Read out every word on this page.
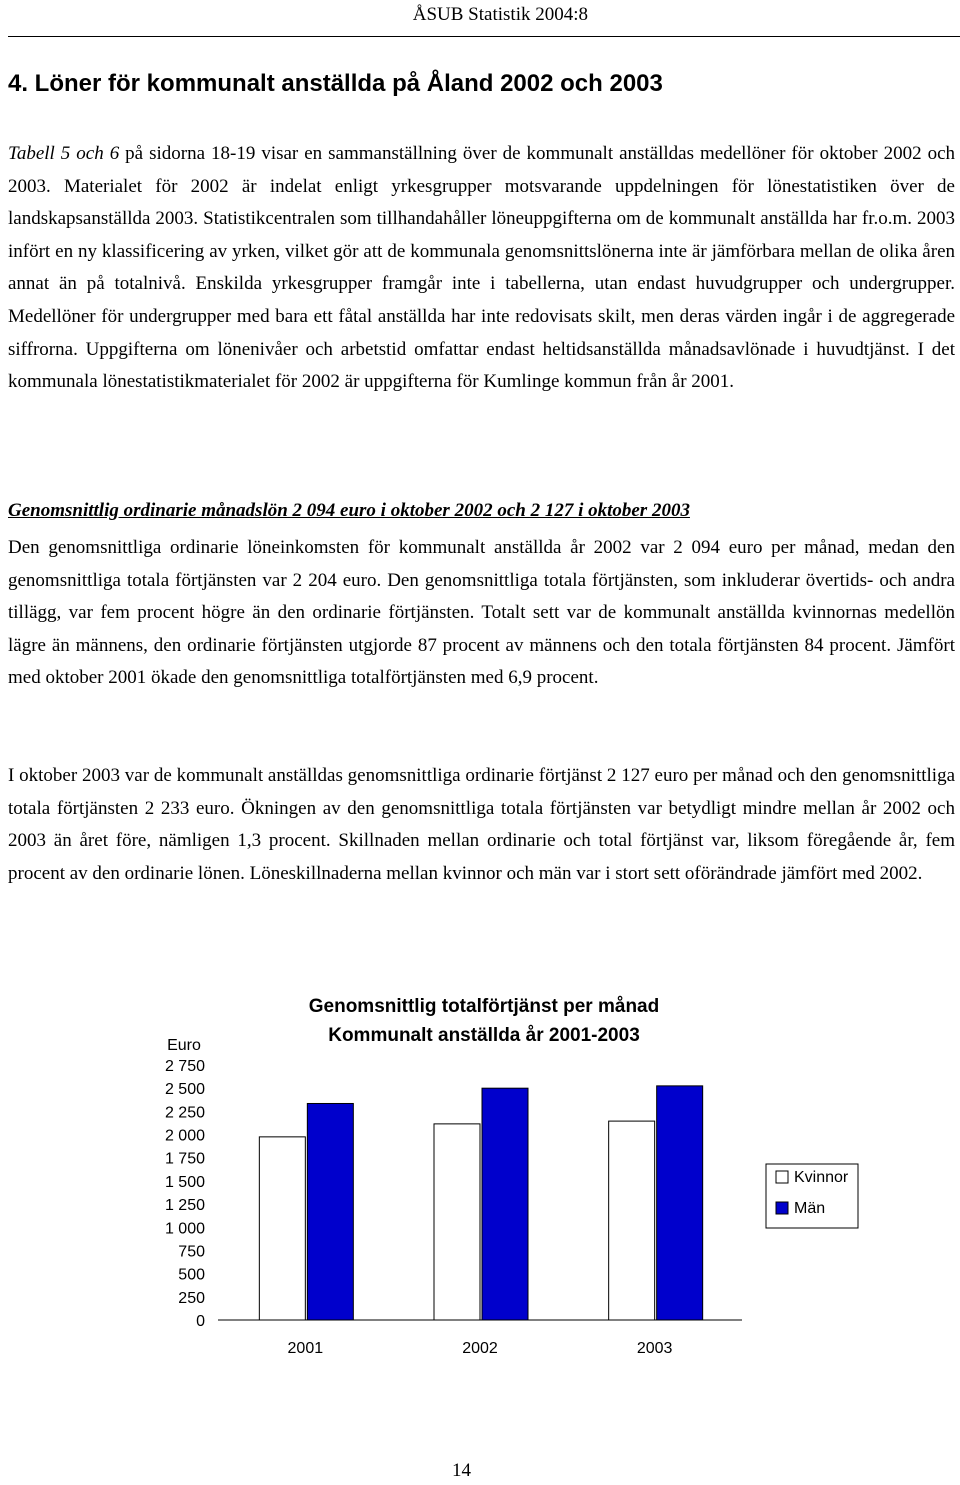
ÅSUB Statistik 2004:8
4. Löner för kommunalt anställda på Åland 2002 och 2003

Tabell 5 och 6 på sidorna 18-19 visar en sammanställning över de kommunalt anställdas medellöner för oktober 2002 och 2003. Materialet för 2002 är indelat enligt yrkesgrupper motsvarande uppdelningen för lönestatistiken över de landskapsanställda 2003. Statistikcentralen som tillhandahåller löneuppgifterna om de kommunalt anställda har fr.o.m. 2003 infört en ny klassificering av yrken, vilket gör att de kommunala genomsnittslönerna inte är jämförbara mellan de olika åren annat än på totalnivå. Enskilda yrkesgrupper framgår inte i tabellerna, utan endast huvudgrupper och undergrupper. Medellöner för undergrupper med bara ett fåtal anställda har inte redovisats skilt, men deras värden ingår i de aggregerade siffrorna. Uppgifterna om lönenivåer och arbetstid omfattar endast heltidsanställda månadsavlönade i huvudtjänst. I det kommunala lönestatistikmaterialet för 2002 är uppgifterna för Kumlinge kommun från år 2001.

Genomsnittlig ordinarie månadslön 2 094 euro i oktober 2002 och 2 127 i oktober 2003

Den genomsnittliga ordinarie löneinkomsten för kommunalt anställda år 2002 var 2 094 euro per månad, medan den genomsnittliga totala förtjänsten var 2 204 euro. Den genomsnittliga totala förtjänsten, som inkluderar övertids- och andra tillägg, var fem procent högre än den ordinarie förtjänsten. Totalt sett var de kommunalt anställda kvinnornas medellön lägre än männens, den ordinarie förtjänsten utgjorde 87 procent av männens och den totala förtjänsten 84 procent. Jämfört med oktober 2001 ökade den genomsnittliga totalförtjänsten med 6,9 procent.

I oktober 2003 var de kommunalt anställdas genomsnittliga ordinarie förtjänst 2 127 euro per månad och den genomsnittliga totala förtjänsten 2 233 euro. Ökningen av den genomsnittliga totala förtjänsten var betydligt mindre mellan år 2002 och 2003 än året före, nämligen 1,3 procent. Skillnaden mellan ordinarie och total förtjänst var, liksom föregående år, fem procent av den ordinarie lönen. Löneskillnaderna mellan kvinnor och män var i stort sett oförändrade jämfört med 2002.

Genomsnittlig totalförtjänst per månad
Kommunalt anställda år 2001-2003
Euro
0
250
500
750
1 000
1 250
1 500
1 750
2 000
2 250
2 500
2 750
2001	2002	2003
Kvinnor
Män
14
